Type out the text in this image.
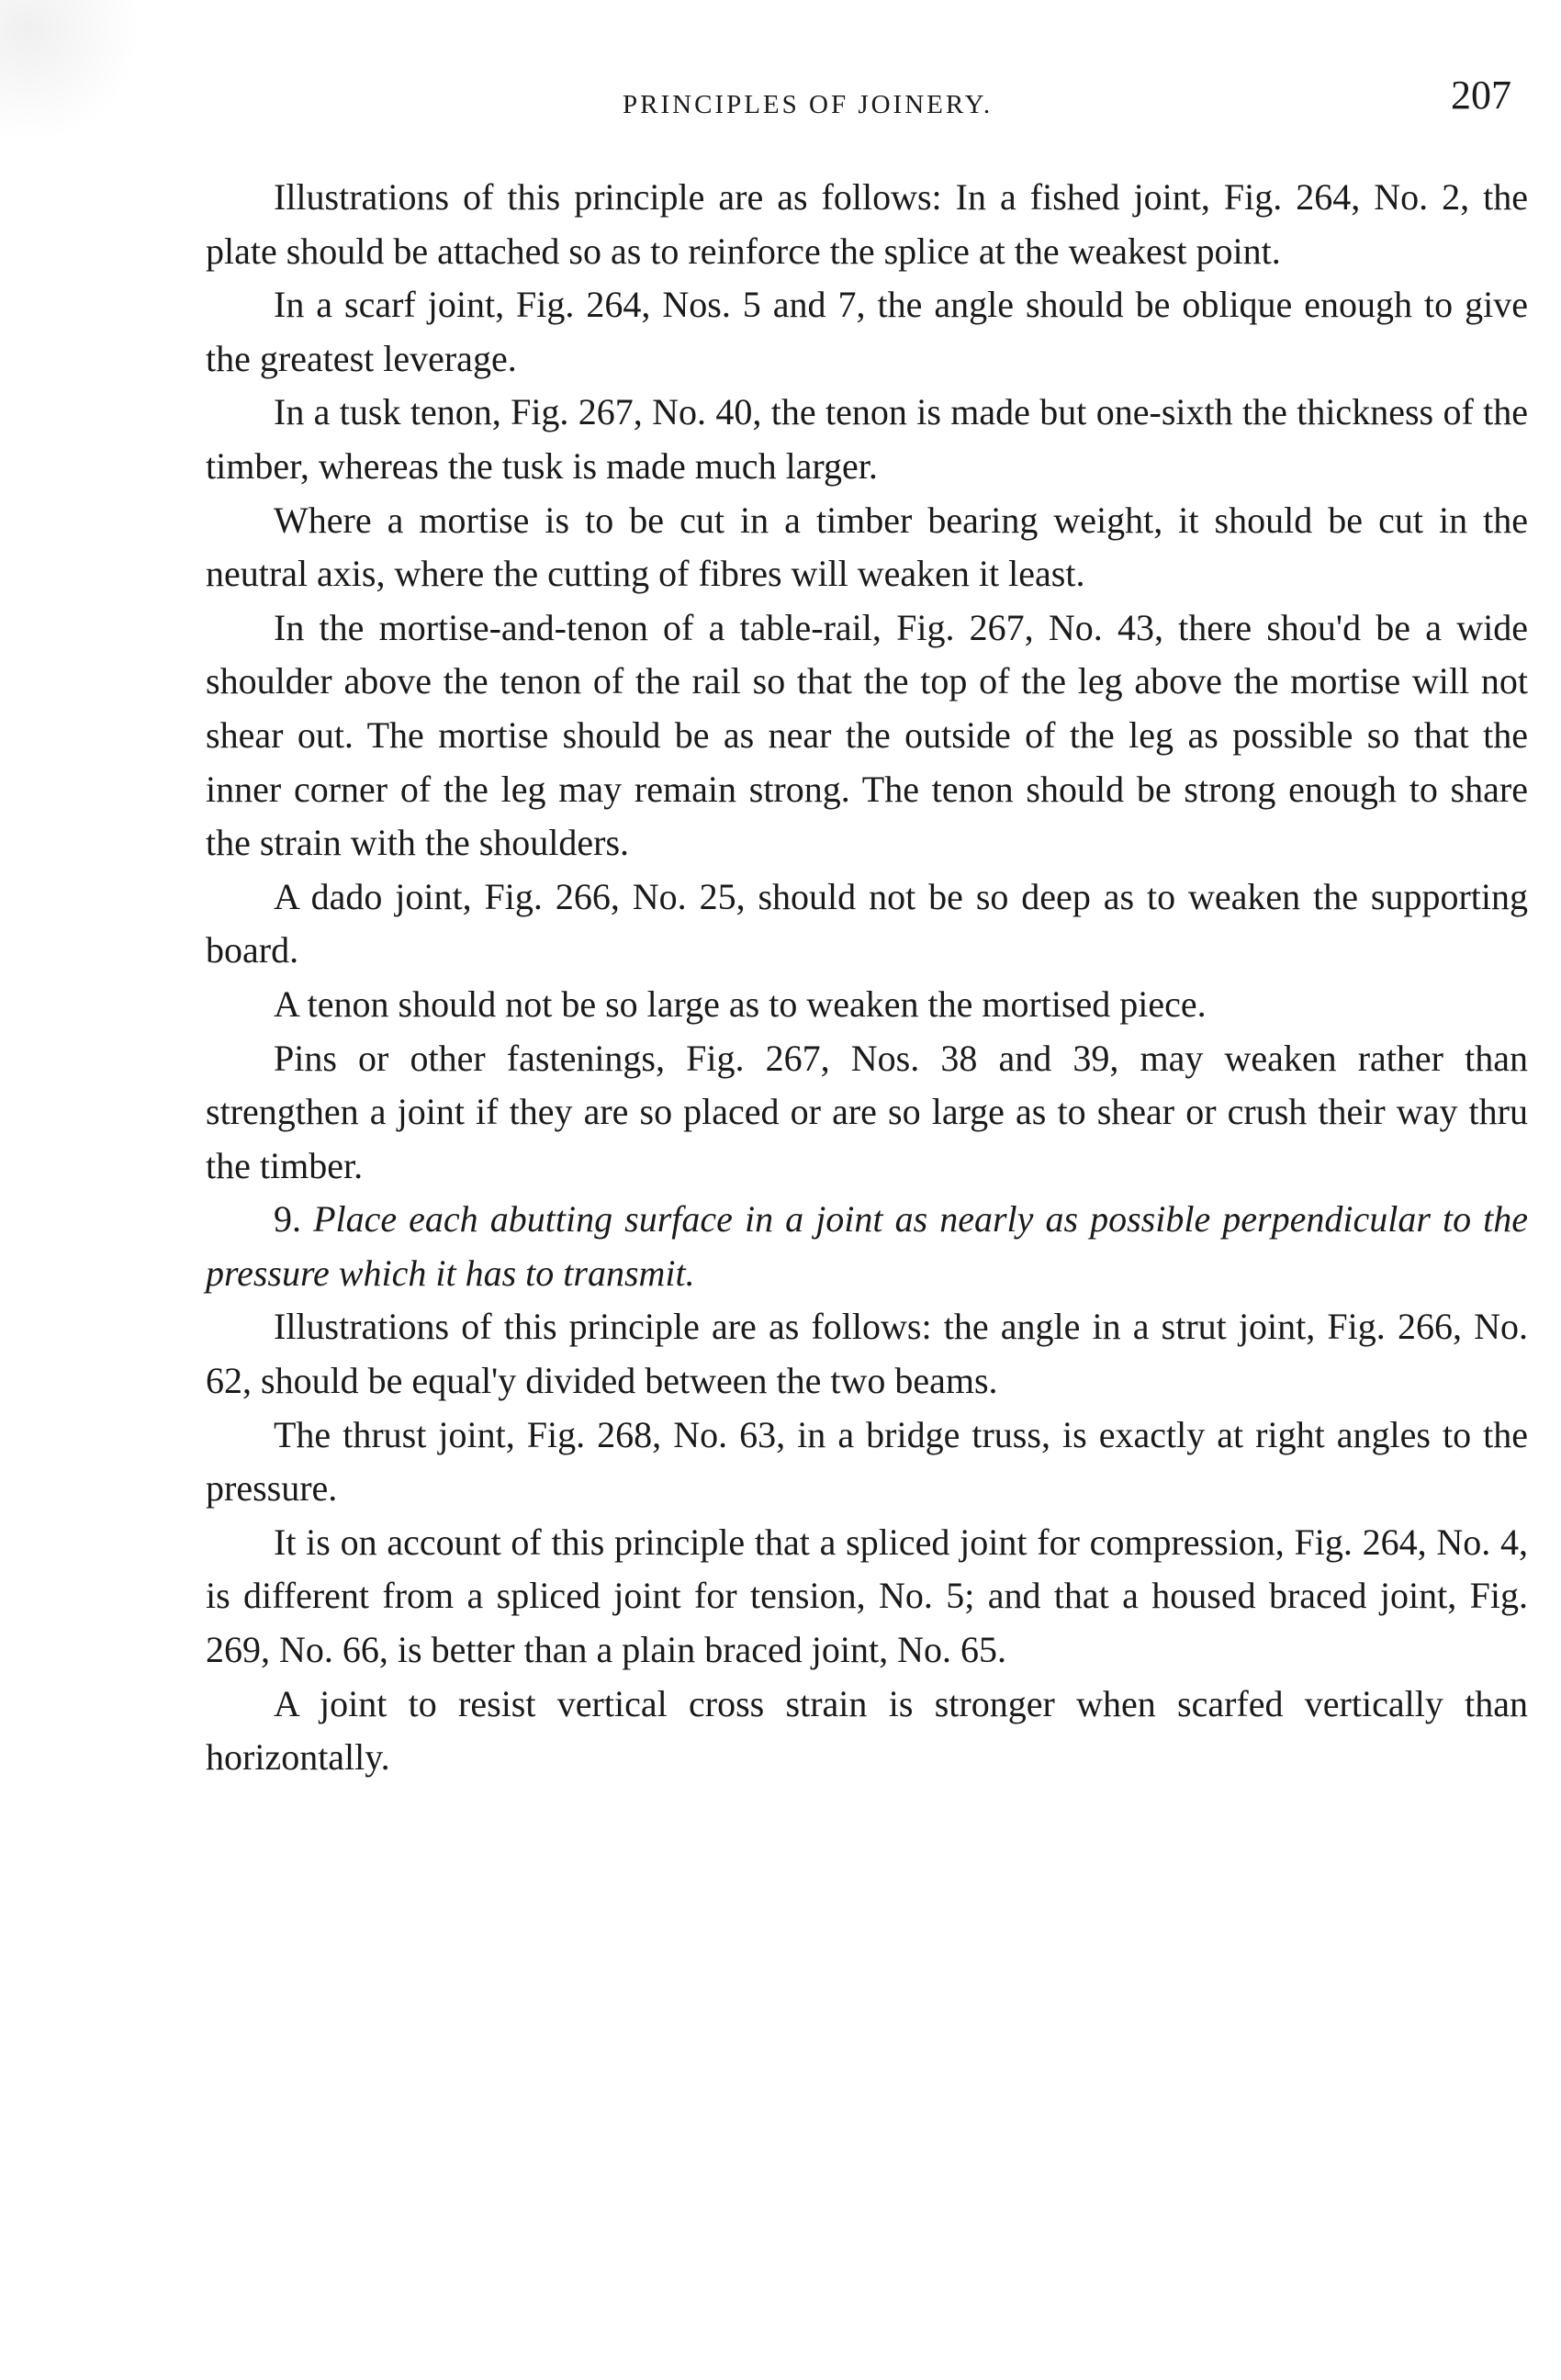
PRINCIPLES OF JOINERY.	207

Illustrations of this principle are as follows: In a fished joint, Fig. 264, No. 2, the plate should be attached so as to reinforce the splice at the weakest point.

In a scarf joint, Fig. 264, Nos. 5 and 7, the angle should be oblique enough to give the greatest leverage.

In a tusk tenon, Fig. 267, No. 40, the tenon is made but one-sixth the thickness of the timber, whereas the tusk is made much larger.

Where a mortise is to be cut in a timber bearing weight, it should be cut in the neutral axis, where the cutting of fibres will weaken it least.

In the mortise-and-tenon of a table-rail, Fig. 267, No. 43, there shou'd be a wide shoulder above the tenon of the rail so that the top of the leg above the mortise will not shear out. The mortise should be as near the outside of the leg as possible so that the inner corner of the leg may remain strong. The tenon should be strong enough to share the strain with the shoulders.

A dado joint, Fig. 266, No. 25, should not be so deep as to weaken the supporting board.

A tenon should not be so large as to weaken the mortised piece.

Pins or other fastenings, Fig. 267, Nos. 38 and 39, may weaken rather than strengthen a joint if they are so placed or are so large as to shear or crush their way thru the timber.

9. Place each abutting surface in a joint as nearly as possible perpendicular to the pressure which it has to transmit.

Illustrations of this principle are as follows: the angle in a strut joint, Fig. 266, No. 62, should be equal'y divided between the two beams.

The thrust joint, Fig. 268, No. 63, in a bridge truss, is exactly at right angles to the pressure.

It is on account of this principle that a spliced joint for compression, Fig. 264, No. 4, is different from a spliced joint for tension, No. 5; and that a housed braced joint, Fig. 269, No. 66, is better than a plain braced joint, No. 65.

A joint to resist vertical cross strain is stronger when scarfed vertically than horizontally.
